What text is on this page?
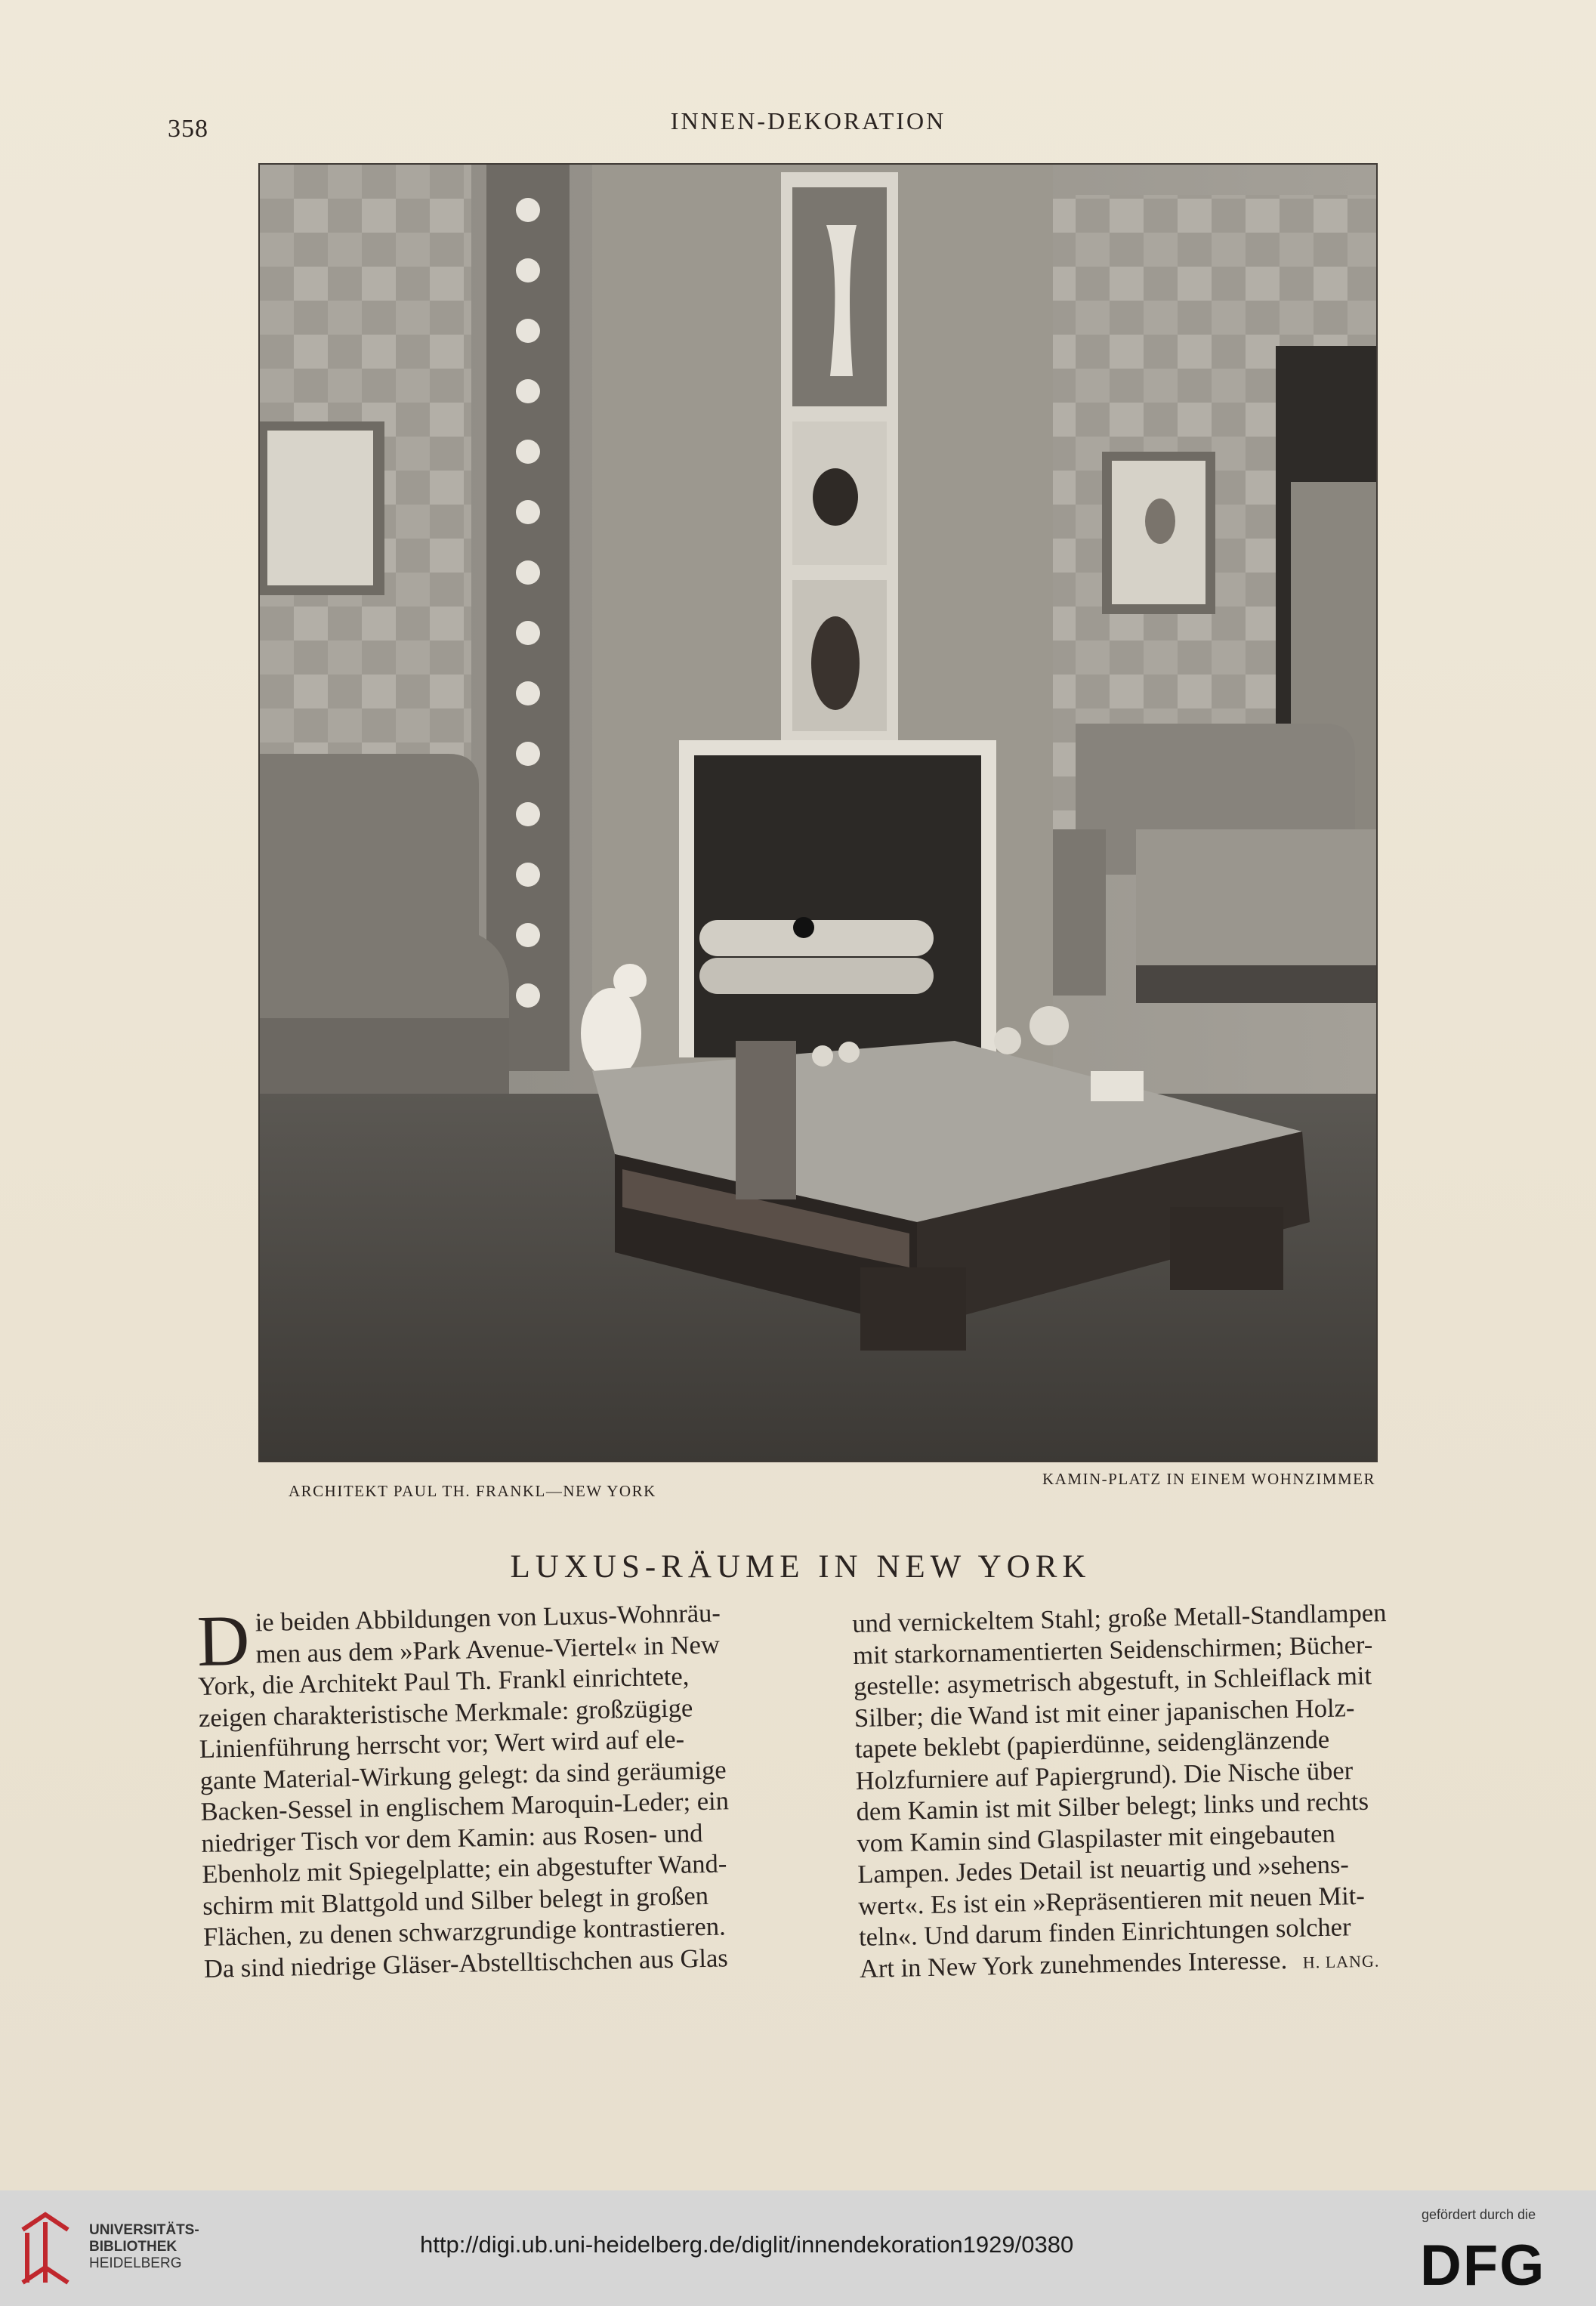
358	INNEN-DEKORATION
ARCHITEKT PAUL TH. FRANKL—NEW YORK
KAMIN-PLATZ IN EINEM WOHNZIMMER
LUXUS-RÄUME IN NEW YORK
D ie beiden Abbildungen von Luxus-Wohnräu-
men aus dem »Park Avenue-Viertel« in New
York, die Architekt Paul Th. Frankl einrichtete,
zeigen charakteristische Merkmale: großzügige
Linienführung herrscht vor; Wert wird auf ele-
gante Material-Wirkung gelegt: da sind geräumige
Backen-Sessel in englischem Maroquin-Leder; ein
niedriger Tisch vor dem Kamin: aus Rosen- und
Ebenholz mit Spiegelplatte; ein abgestufter Wand-
schirm mit Blattgold und Silber belegt in großen
Flächen, zu denen schwarzgrundige kontrastieren.
Da sind niedrige Gläser-Abstelltischchen aus Glas
und vernickeltem Stahl; große Metall-Standlampen
mit starkornamentierten Seidenschirmen; Bücher-
gestelle: asymetrisch abgestuft, in Schleiflack mit
Silber; die Wand ist mit einer japanischen Holz-
tapete beklebt (papierdünne, seidenglänzende
Holzfurniere auf Papiergrund). Die Nische über
dem Kamin ist mit Silber belegt; links und rechts
vom Kamin sind Glaspilaster mit eingebauten
Lampen. Jedes Detail ist neuartig und »sehens-
wert«. Es ist ein »Repräsentieren mit neuen Mit-
teln«. Und darum finden Einrichtungen solcher
Art in New York zunehmendes Interesse. H. LANG.
UNIVERSITÄTS-
BIBLIOTHEK
HEIDELBERG
http://digi.ub.uni-heidelberg.de/diglit/innendekoration1929/0380
gefördert durch die
DFG
